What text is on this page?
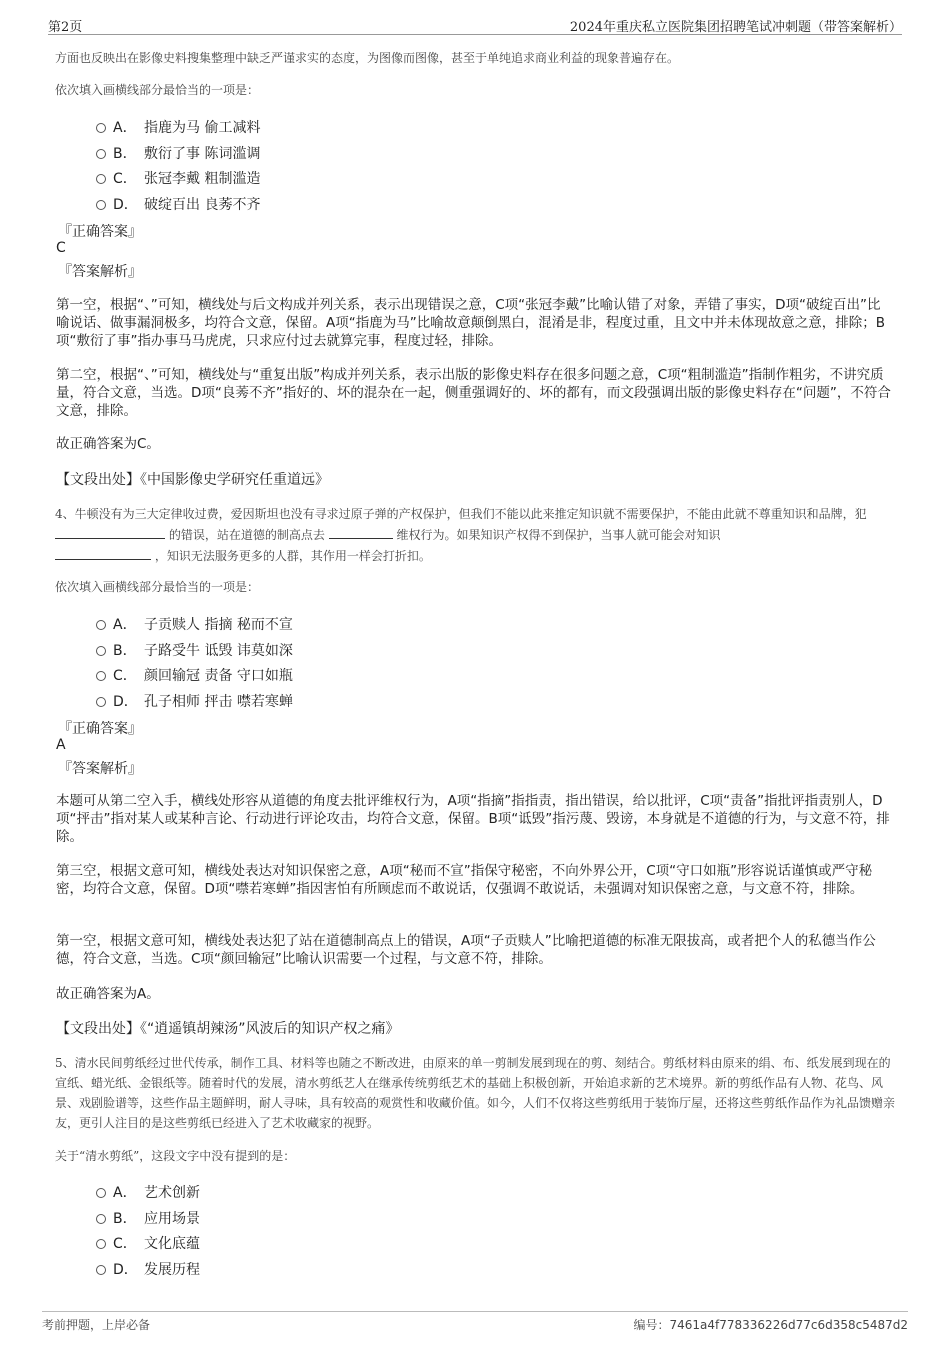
第2页	2024年重庆私立医院集团招聘笔试冲刺题（带答案解析）
方面也反映出在影像史料搜集整理中缺乏严谨求实的态度，为图像而图像，甚至于单纯追求商业利益的现象普遍存在。
依次填入画横线部分最恰当的一项是：
A． 指鹿为马 偷工减料
B． 敷衍了事 陈词滥调
C． 张冠李戴 粗制滥造
D． 破绽百出 良莠不齐
『正确答案』
C
『答案解析』

第一空，根据“、”可知，横线处与后文构成并列关系，表示出现错误之意，C项“张冠李戴”比喻认错了对象，弄错了事实，D项“破绽百出”比喻说话、做事漏洞极多，均符合文意，保留。A项“指鹿为马”比喻故意颠倒黑白，混淆是非，程度过重，且文中并未体现故意之意，排除；B项“敷衍了事”指办事马马虎虎，只求应付过去就算完事，程度过轻，排除。

第二空，根据“、”可知，横线处与“重复出版”构成并列关系，表示出版的影像史料存在很多问题之意，C项“粗制滥造”指制作粗劣，不讲究质量，符合文意，当选。D项“良莠不齐”指好的、坏的混杂在一起，侧重强调好的、坏的都有，而文段强调出版的影像史料存在“问题”，不符合文意，排除。

故正确答案为C。

【文段出处】《中国影像史学研究任重道远》
4、牛顿没有为三大定律收过费，爱因斯坦也没有寻求过原子弹的产权保护，但我们不能以此来推定知识就不需要保护，不能由此就不尊重知识和品牌，犯  的错误，站在道德的制高点去	维权行为。如果知识产权得不到保护，当事人就可能会对知识
，知识无法服务更多的人群，其作用一样会打折扣。
依次填入画横线部分最恰当的一项是：
A． 子贡赎人 指摘 秘而不宣
B． 子路受牛 诋毁 讳莫如深
C． 颜回输冠 责备 守口如瓶
D． 孔子相师 抨击 噤若寒蝉
『正确答案』
A
『答案解析』

本题可从第二空入手，横线处形容从道德的角度去批评维权行为，A项“指摘”指指责，指出错误，给以批评，C项“责备”指批评指责别人，D项“抨击”指对某人或某种言论、行动进行评论攻击，均符合文意，保留。B项“诋毁”指污蔑、毁谤，本身就是不道德的行为，与文意不符，排除。

第三空，根据文意可知，横线处表达对知识保密之意，A项“秘而不宣”指保守秘密，不向外界公开，C项“守口如瓶”形容说话谨慎或严守秘密，均符合文意，保留。D项“噤若寒蝉”指因害怕有所顾虑而不敢说话，仅强调不敢说话，未强调对知识保密之意，与文意不符，排除。

第一空，根据文意可知，横线处表达犯了站在道德制高点上的错误，A项“子贡赎人”比喻把道德的标准无限拔高，或者把个人的私德当作公德，符合文意，当选。C项“颜回输冠”比喻认识需要一个过程，与文意不符，排除。

故正确答案为A。

【文段出处】《“逍遥镇胡辣汤”风波后的知识产权之痛》
5、清水民间剪纸经过世代传承，制作工具、材料等也随之不断改进，由原来的单一剪制发展到现在的剪、刻结合。剪纸材料由原来的绢、布、纸发展到现在的宣纸、蜡光纸、金银纸等。随着时代的发展，清水剪纸艺人在继承传统剪纸艺术的基础上积极创新，开始追求新的艺术境界。新的剪纸作品有人物、花鸟、风景、戏剧脸谱等，这些作品主题鲜明，耐人寻味，具有较高的观赏性和收藏价值。如今，人们不仅将这些剪纸用于装饰厅屋，还将这些剪纸作品作为礼品馈赠亲友，更引人注目的是这些剪纸已经进入了艺术收藏家的视野。
关于“清水剪纸”，这段文字中没有提到的是：
A． 艺术创新
B． 应用场景
C． 文化底蕴
D． 发展历程
考前押题，上岸必备	编号：7461a4f778336226d77c6d358c5487d2
